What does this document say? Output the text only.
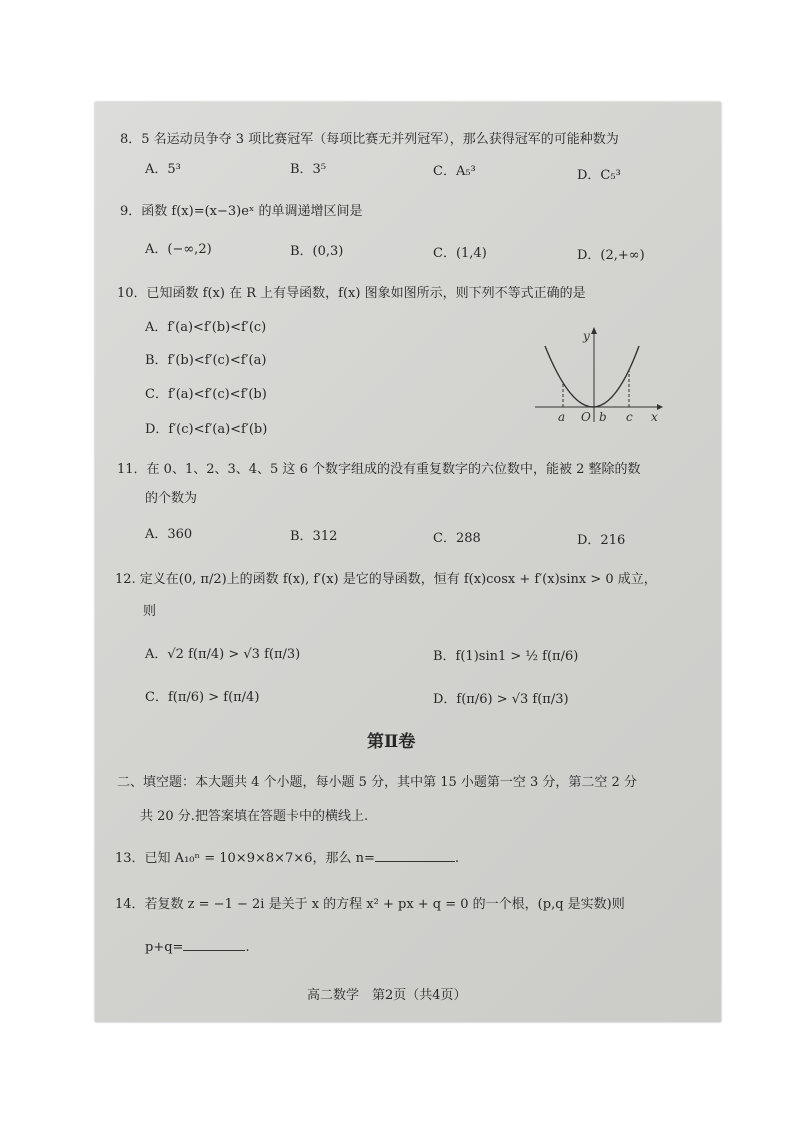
8．5 名运动员争夺 3 项比赛冠军（每项比赛无并列冠军），那么获得冠军的可能种数为
A．5³	B．3⁵	C．A₅³	D．C₅³
9．函数 f(x)=(x−3)eˣ 的单调递增区间是
A．(−∞,2)	B．(0,3)	C．(1,4)	D．(2,+∞)
10．已知函数 f(x) 在 R 上有导函数，f(x) 图象如图所示，则下列不等式正确的是
A．f′(a)<f′(b)<f′(c)
B．f′(b)<f′(c)<f′(a)
C．f′(a)<f′(c)<f′(b)
D．f′(c)<f′(a)<f′(b)
y
x
a O b c
11．在 0、1、2、3、4、5 这 6 个数字组成的没有重复数字的六位数中，能被 2 整除的数
的个数为
A．360	B．312	C．288	D．216
12. 定义在(0, π/2)上的函数 f(x), f′(x) 是它的导函数，恒有 f(x)cosx + f′(x)sinx > 0 成立，
则
A．√2 f(π/4) > √3 f(π/3)	B．f(1)sin1 > ½ f(π/6)
C．f(π/6) > f(π/4)	D．f(π/6) > √3 f(π/3)
第Ⅱ卷
二、填空题：本大题共 4 个小题，每小题 5 分，其中第 15 小题第一空 3 分，第二空 2 分
共 20 分.把答案填在答题卡中的横线上.
13．已知 A₁₀ⁿ = 10×9×8×7×6，那么 n=	.
14．若复数 z = −1 − 2i 是关于 x 的方程 x² + px + q = 0 的一个根，(p,q 是实数)则
p+q=	.
高二数学　第2页（共4页）
